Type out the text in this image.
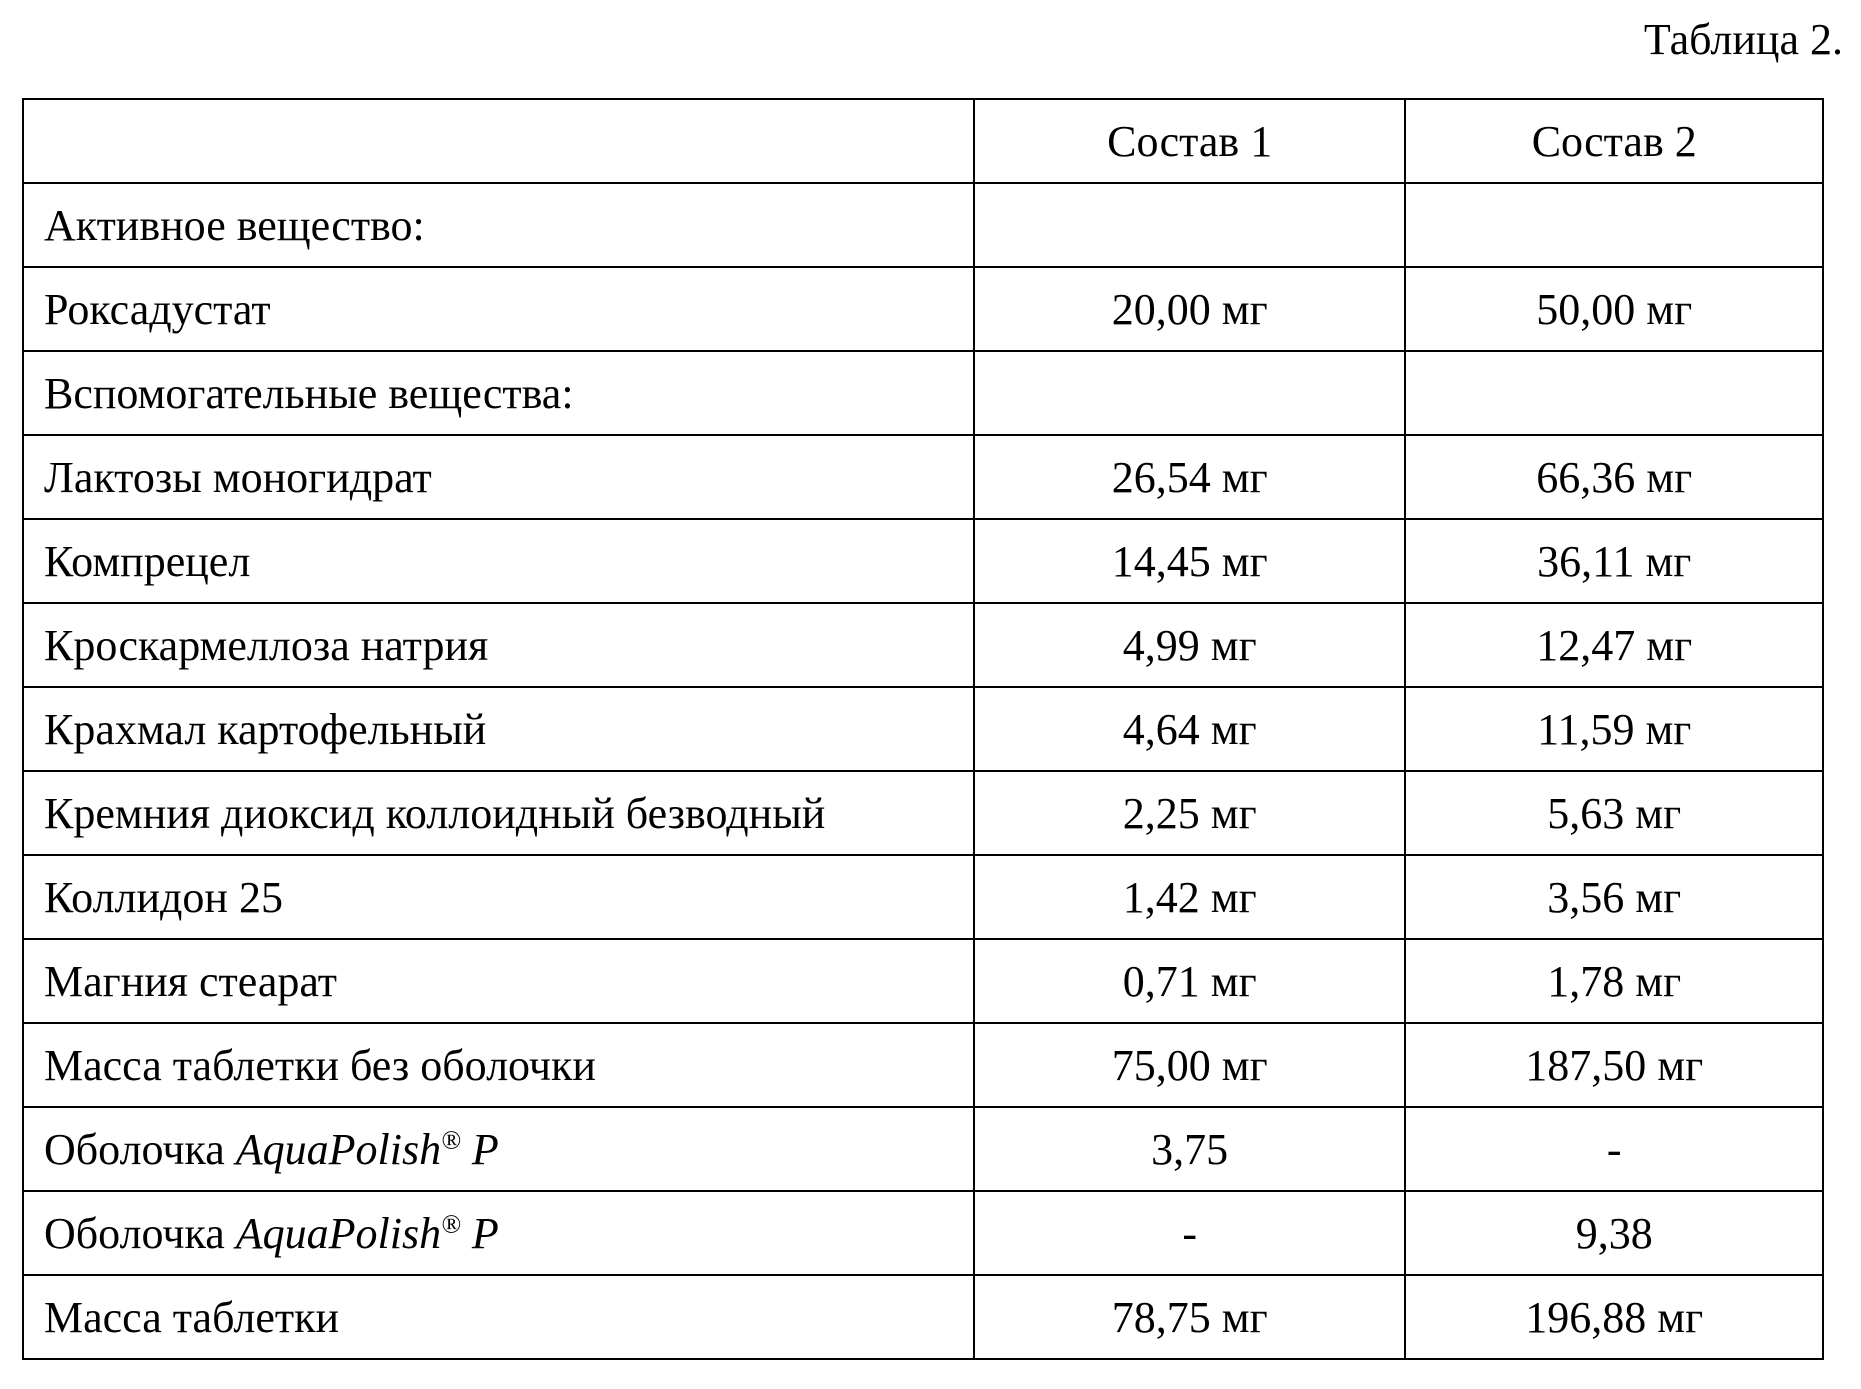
Таблица 2.
	Состав 1	Состав 2
Активное вещество:		
Роксадустат	20,00 мг	50,00 мг
Вспомогательные вещества:		
Лактозы моногидрат	26,54 мг	66,36 мг
Компрецел	14,45 мг	36,11 мг
Кроскармеллоза натрия	4,99 мг	12,47 мг
Крахмал картофельный	4,64 мг	11,59 мг
Кремния диоксид коллоидный безводный	2,25 мг	5,63 мг
Коллидон 25	1,42 мг	3,56 мг
Магния стеарат	0,71 мг	1,78 мг
Масса таблетки без оболочки	75,00 мг	187,50 мг
Оболочка AquaPolish® P	3,75	-
Оболочка AquaPolish® P	-	9,38
Масса таблетки	78,75 мг	196,88 мг
